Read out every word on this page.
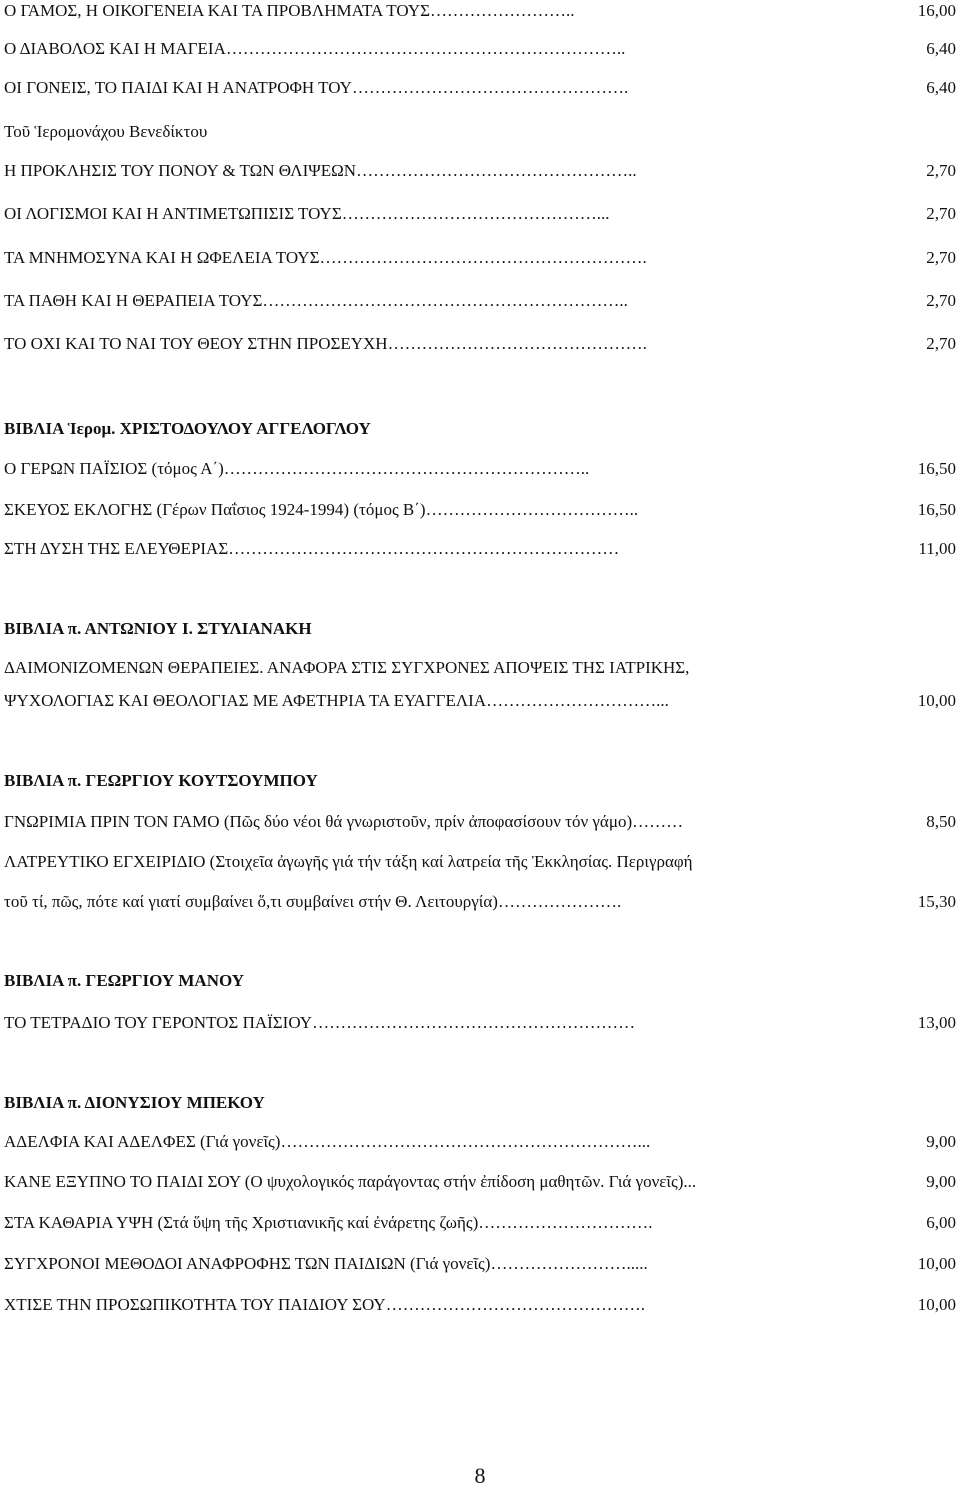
Ο ΓΑΜΟΣ, Η ΟΙΚΟΓΕΝΕΙΑ ΚΑΙ ΤΑ ΠΡΟΒΛΗΜΑΤΑ ΤΟΥΣ ……………………..	16,00
Ο ΔΙΑΒΟΛΟΣ ΚΑΙ Η ΜΑΓΕΙΑ ……………………………………………………………..	6,40
ΟΙ ΓΟΝΕΙΣ, ΤΟ ΠΑΙΔΙ ΚΑΙ Η ΑΝΑΤΡΟΦΗ ΤΟΥ ………………………………………….	6,40
Τοῦ Ἱερομονάχου Βενεδίκτου
Η ΠΡΟΚΛΗΣΙΣ ΤΟΥ ΠΟΝΟΥ & ΤΩΝ ΘΛΙΨΕΩΝ …………………………………………..	2,70
ΟΙ ΛΟΓΙΣΜΟΙ ΚΑΙ Η ΑΝΤΙΜΕΤΩΠΙΣΙΣ ΤΟΥΣ ………………………………………...	2,70
ΤΑ ΜΝΗΜΟΣΥΝΑ ΚΑΙ Η ΩΦΕΛΕΙΑ ΤΟΥΣ ………………………………………………….	2,70
ΤΑ ΠΑΘΗ ΚΑΙ Η ΘΕΡΑΠΕΙΑ ΤΟΥΣ ………………………………………………………..	2,70
ΤΟ ΟΧΙ ΚΑΙ ΤΟ ΝΑΙ ΤΟΥ ΘΕΟΥ ΣΤΗΝ ΠΡΟΣΕΥΧΗ ……………………………………….	2,70
ΒΙΒΛΙΑ Ἱερομ. ΧΡΙΣΤΟΔΟΥΛΟΥ ΑΓΓΕΛΟΓΛΟΥ
Ο ΓΕΡΩΝ ΠΑΪΣΙΟΣ (τόμος Α΄) ………………………………………………………..	16,50
ΣΚΕΥΟΣ ΕΚΛΟΓΗΣ (Γέρων Παΐσιος 1924-1994) (τόμος Β΄) ………………………………..	16,50
ΣΤΗ ΔΥΣΗ ΤΗΣ ΕΛΕΥΘΕΡΙΑΣ ……………………………………………………………	11,00
ΒΙΒΛΙΑ π. ΑΝΤΩΝΙΟΥ Ι. ΣΤΥΛΙΑΝΑΚΗ
ΔΑΙΜΟΝΙΖΟΜΕΝΩΝ ΘΕΡΑΠΕΙΕΣ. ΑΝΑΦΟΡΑ ΣΤΙΣ ΣΥΓΧΡΟΝΕΣ ΑΠΟΨΕΙΣ ΤΗΣ ΙΑΤΡΙΚΗΣ,
ΨΥΧΟΛΟΓΙΑΣ ΚΑΙ ΘΕΟΛΟΓΙΑΣ ΜΕ ΑΦΕΤΗΡΙΑ ΤΑ ΕΥΑΓΓΕΛΙΑ …………………………...	10,00
ΒΙΒΛΙΑ π. ΓΕΩΡΓΙΟΥ ΚΟΥΤΣΟΥΜΠΟΥ
ΓΝΩΡΙΜΙΑ ΠΡΙΝ ΤΟΝ ΓΑΜΟ (Πῶς δύο νέοι θά γνωριστοῦν, πρίν ἀποφασίσουν τόν γάμο) ………	8,50
ΛΑΤΡΕΥΤΙΚΟ ΕΓΧΕΙΡΙΔΙΟ (Στοιχεῖα ἀγωγῆς γιά τήν τάξη καί λατρεία τῆς Ἐκκλησίας. Περιγραφή
τοῦ τί, πῶς, πότε καί γιατί συμβαίνει ὅ,τι συμβαίνει στήν Θ. Λειτουργία) ………………….	15,30
ΒΙΒΛΙΑ π. ΓΕΩΡΓΙΟΥ ΜΑΝΟΥ
ΤΟ ΤΕΤΡΑΔΙΟ ΤΟΥ ΓΕΡΟΝΤΟΣ ΠΑΪΣΙΟΥ …………………………………………………	13,00
ΒΙΒΛΙΑ π. ΔΙΟΝΥΣΙΟΥ ΜΠΕΚΟΥ
ΑΔΕΛΦΙΑ ΚΑΙ ΑΔΕΛΦΕΣ (Γιά γονεῖς) ………………………………………………………...	9,00
ΚΑΝΕ ΕΞΥΠΝΟ ΤΟ ΠΑΙΔΙ ΣΟΥ (Ο ψυχολογικός παράγοντας στήν ἐπίδοση μαθητῶν. Γιά γονεῖς) ...	9,00
ΣΤΑ ΚΑΘΑΡΙΑ ΥΨΗ (Στά ὕψη τῆς Χριστιανικῆς καί ἐνάρετης ζωῆς) ………………………….	6,00
ΣΥΓΧΡΟΝΟΙ ΜΕΘΟΔΟΙ ΑΝΑΦΡΟΦΗΣ ΤΩΝ ΠΑΙΔΙΩΝ (Γιά γονεῖς) …………………….....	10,00
ΧΤΙΣΕ ΤΗΝ ΠΡΟΣΩΠΙΚΟΤΗΤΑ ΤΟΥ ΠΑΙΔΙΟΥ ΣΟΥ ……………………………………….	10,00
8
